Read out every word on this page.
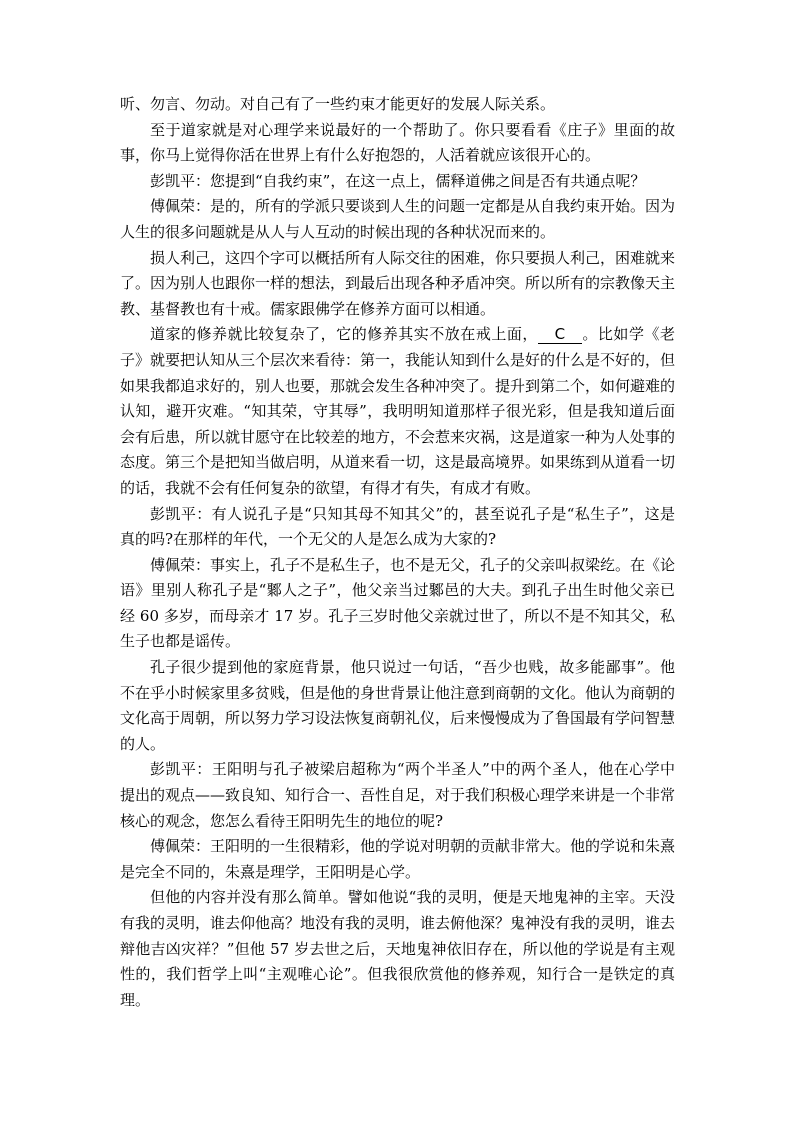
听、勿言、勿动。对自己有了一些约束才能更好的发展人际关系。

至于道家就是对心理学来说最好的一个帮助了。你只要看看《庄子》里面的故事，你马上觉得你活在世界上有什么好抱怨的，人活着就应该很开心的。

彭凯平：您提到“自我约束”，在这一点上，儒释道佛之间是否有共通点呢？

傅佩荣：是的，所有的学派只要谈到人生的问题一定都是从自我约束开始。因为人生的很多问题就是从人与人互动的时候出现的各种状况而来的。

损人利己，这四个字可以概括所有人际交往的困难，你只要损人利己，困难就来了。因为别人也跟你一样的想法，到最后出现各种矛盾冲突。所以所有的宗教像天主教、基督教也有十戒。儒家跟佛学在修养方面可以相通。

道家的修养就比较复杂了，它的修养其实不放在戒上面， C 。比如学《老子》就要把认知从三个层次来看待：第一，我能认知到什么是好的什么是不好的，但如果我都追求好的，别人也要，那就会发生各种冲突了。提升到第二个，如何避难的认知，避开灾难。“知其荣，守其辱”，我明明知道那样子很光彩，但是我知道后面会有后患，所以就甘愿守在比较差的地方，不会惹来灾祸，这是道家一种为人处事的态度。第三个是把知当做启明，从道来看一切，这是最高境界。如果练到从道看一切的话，我就不会有任何复杂的欲望，有得才有失，有成才有败。

彭凯平：有人说孔子是“只知其母不知其父”的，甚至说孔子是“私生子”，这是真的吗?在那样的年代，一个无父的人是怎么成为大家的?

傅佩荣：事实上，孔子不是私生子，也不是无父，孔子的父亲叫叔梁纥。在《论语》里别人称孔子是“鄹人之子”，他父亲当过鄹邑的大夫。到孔子出生时他父亲已经 60 多岁，而母亲才 17 岁。孔子三岁时他父亲就过世了，所以不是不知其父，私生子也都是谣传。

孔子很少提到他的家庭背景，他只说过一句话，“吾少也贱，故多能鄙事”。他不在乎小时候家里多贫贱，但是他的身世背景让他注意到商朝的文化。他认为商朝的文化高于周朝，所以努力学习设法恢复商朝礼仪，后来慢慢成为了鲁国最有学问智慧的人。

彭凯平：王阳明与孔子被梁启超称为“两个半圣人”中的两个圣人，他在心学中提出的观点——致良知、知行合一、吾性自足，对于我们积极心理学来讲是一个非常核心的观念，您怎么看待王阳明先生的地位的呢?

傅佩荣：王阳明的一生很精彩，他的学说对明朝的贡献非常大。他的学说和朱熹是完全不同的，朱熹是理学，王阳明是心学。

但他的内容并没有那么简单。譬如他说“我的灵明，便是天地鬼神的主宰。天没有我的灵明，谁去仰他高？地没有我的灵明，谁去俯他深？鬼神没有我的灵明，谁去辩他吉凶灾祥？”但他 57 岁去世之后，天地鬼神依旧存在，所以他的学说是有主观性的，我们哲学上叫“主观唯心论”。但我很欣赏他的修养观，知行合一是铁定的真理。
